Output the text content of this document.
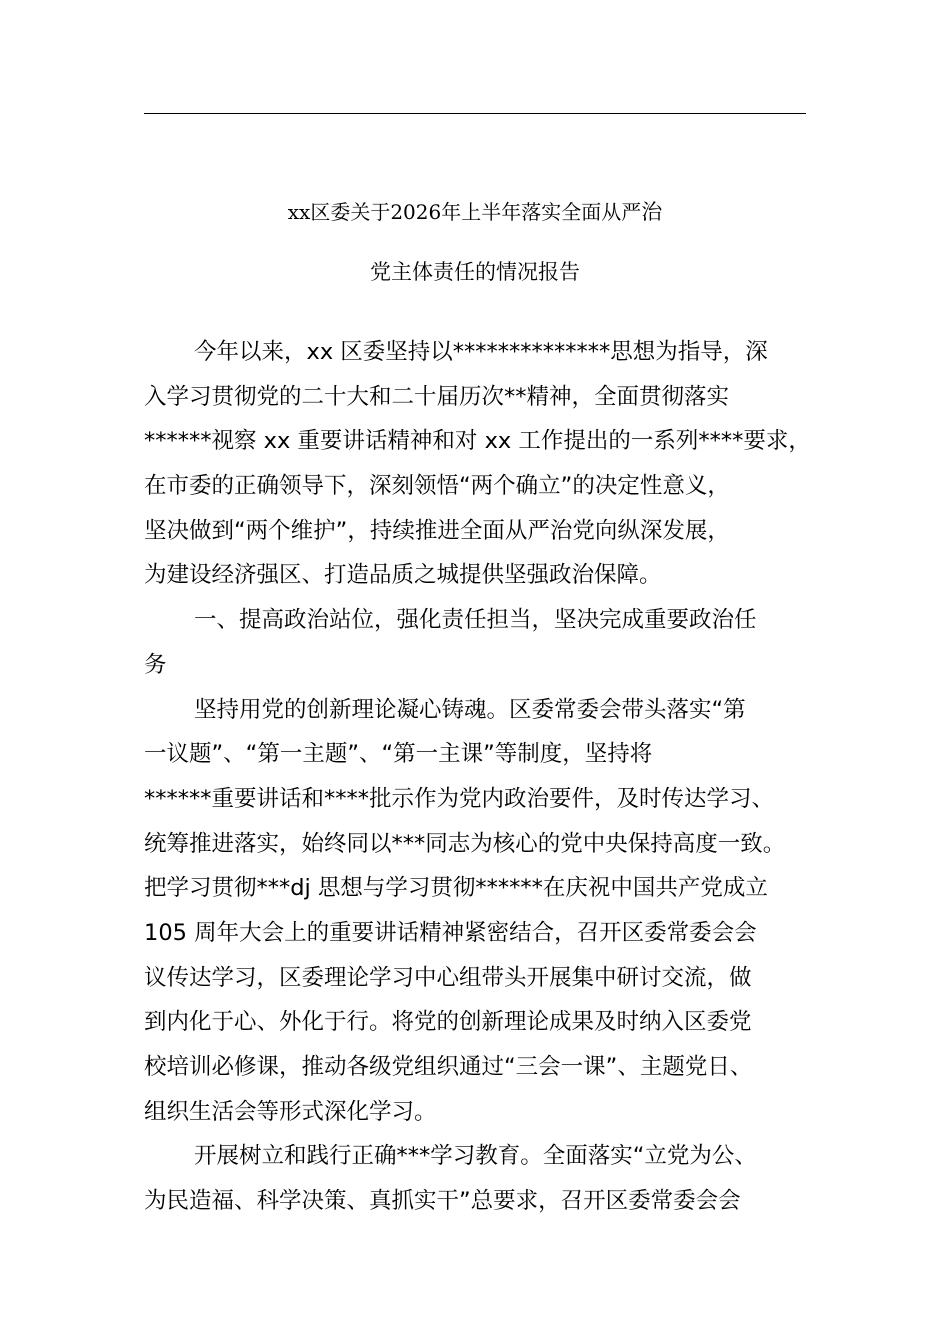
xx区委关于2026年上半年落实全面从严治
党主体责任的情况报告
今年以来，xx 区委坚持以**************思想为指导，深
入学习贯彻党的二十大和二十届历次**精神，全面贯彻落实
******视察 xx 重要讲话精神和对 xx 工作提出的一系列****要求，
在市委的正确领导下，深刻领悟“两个确立”的决定性意义，
坚决做到“两个维护”，持续推进全面从严治党向纵深发展，
为建设经济强区、打造品质之城提供坚强政治保障。
一、提高政治站位，强化责任担当，坚决完成重要政治任
务
坚持用党的创新理论凝心铸魂。区委常委会带头落实“第
一议题”、“第一主题”、“第一主课”等制度，坚持将
******重要讲话和****批示作为党内政治要件，及时传达学习、
统筹推进落实，始终同以***同志为核心的党中央保持高度一致。
把学习贯彻***dj 思想与学习贯彻******在庆祝中国共产党成立
105 周年大会上的重要讲话精神紧密结合，召开区委常委会会
议传达学习，区委理论学习中心组带头开展集中研讨交流，做
到内化于心、外化于行。将党的创新理论成果及时纳入区委党
校培训必修课，推动各级党组织通过“三会一课”、主题党日、
组织生活会等形式深化学习。
开展树立和践行正确***学习教育。全面落实“立党为公、
为民造福、科学决策、真抓实干”总要求，召开区委常委会会
